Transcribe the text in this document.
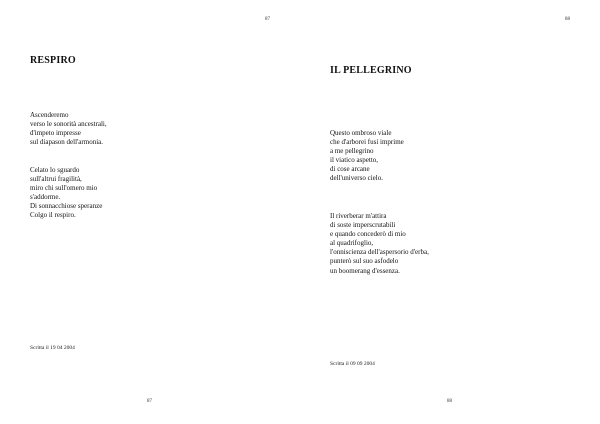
87
RESPIRO

Ascenderemo
verso le sonorità ancestrali,
d'impeto impresse
sul diapason dell'armonia.

Celato lo sguardo
sull'altrui fragilità,
miro chi sull'omero mio
s'addorme.
Di sonnacchiose speranze
Colgo il respiro.

Scritta il 19 04 2004
87
88
IL PELLEGRINO

Questo ombroso viale
che d'arborei fusi imprime
a me pellegrino
il viatico aspetto,
di cose arcane
dell'universo cielo.

Il riverberar m'attira
di soste imperscrutabili
e quando concederò di mio
al quadrifoglio,
l'onniscienza dell'aspersorio d'erba,
punterò sul suo asfodelo
un boomerang d'essenza.

Scritta il 09 09 2004
88
